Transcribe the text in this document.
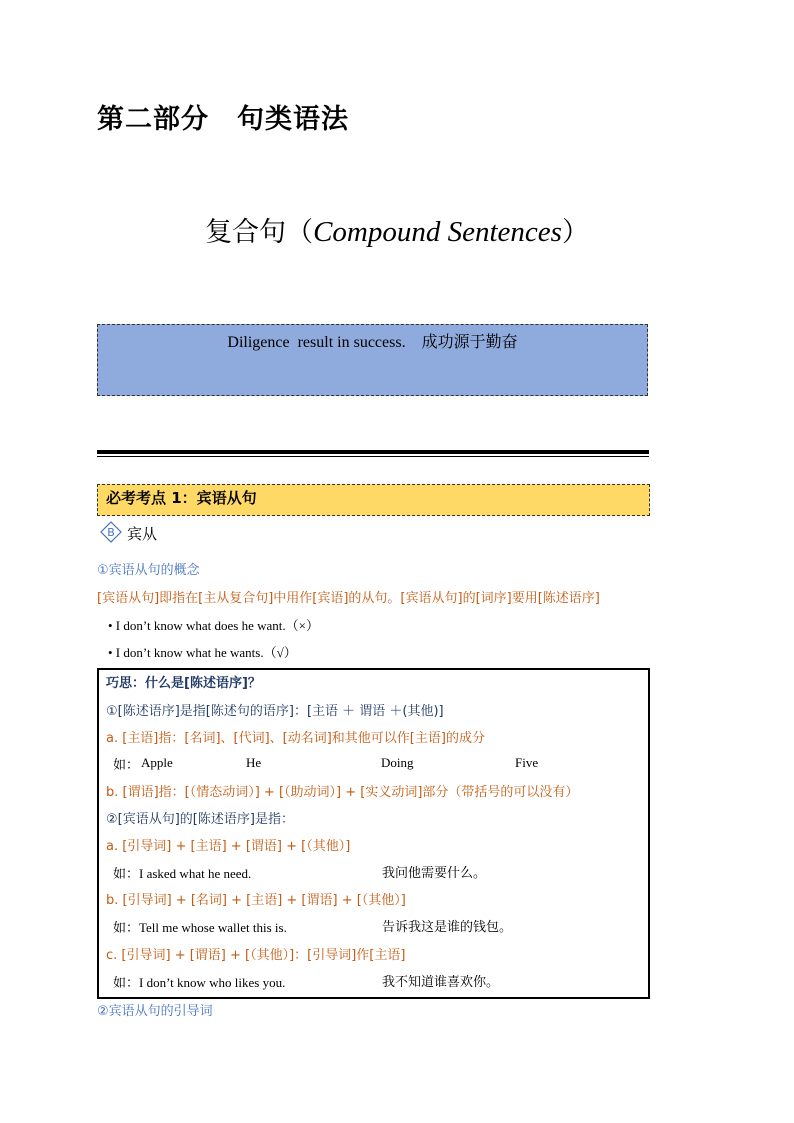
第二部分　句类语法
复合句（Compound Sentences）
Diligence  result in success.　成功源于勤奋
必考考点 1：宾语从句
B 宾从
①宾语从句的概念
[宾语从句]即指在[主从复合句]中用作[宾语]的从句。[宾语从句]的[词序]要用[陈述语序]
• I don’t know what does he want.（×）
• I don’t know what he wants.（√）
巧思：什么是[陈述语序]？
①[陈述语序]是指[陈述句的语序]：[主语 ＋ 谓语 ＋(其他)]
a. [主语]指：[名词]、[代词]、[动名词]和其他可以作[主语]的成分
如： Apple	He	Doing	Five
b. [谓语]指：[（情态动词）] + [（助动词）] + [实义动词]部分（带括号的可以没有）
②[宾语从句]的[陈述语序]是指：
a. [引导词] + [主语] + [谓语] + [（其他）]
如：I asked what he need.	我问他需要什么。
b. [引导词] + [名词] + [主语] + [谓语] + [（其他）]
如：Tell me whose wallet this is.	告诉我这是谁的钱包。
c. [引导词] + [谓语] + [（其他）]：[引导词]作[主语]
如：I don’t know who likes you.	我不知道谁喜欢你。
②宾语从句的引导词
